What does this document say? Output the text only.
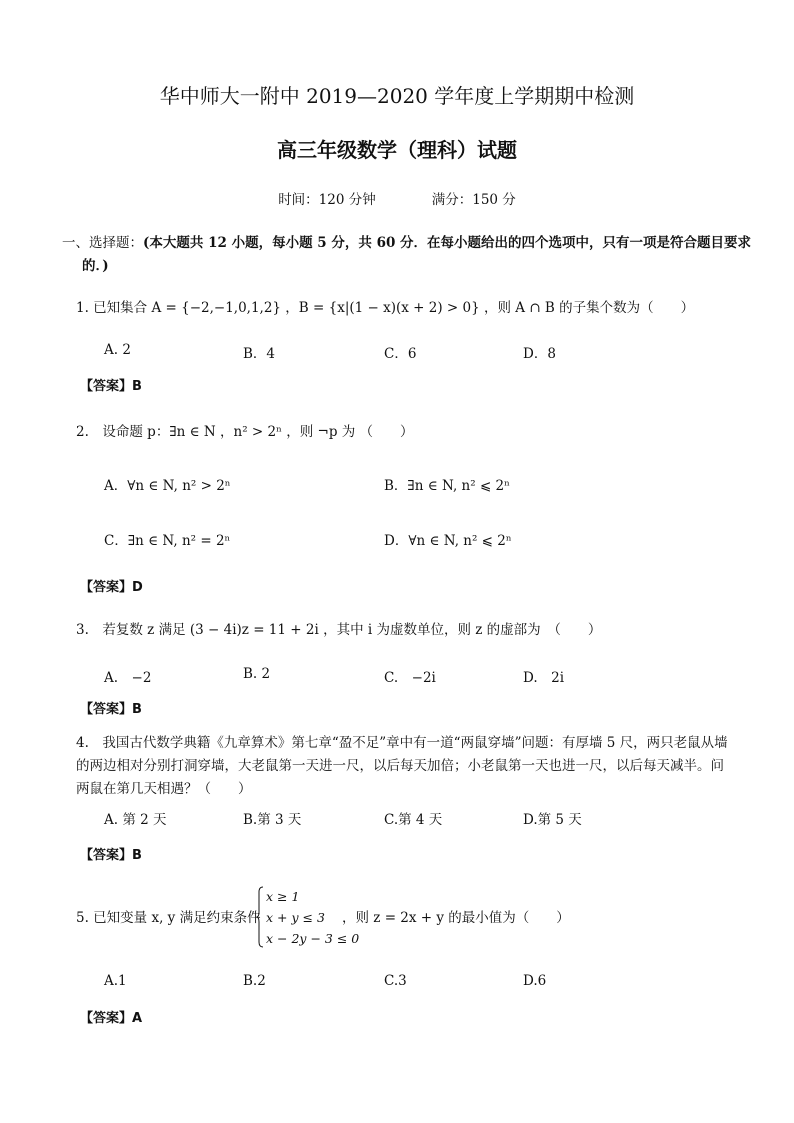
华中师大一附中 2019—2020 学年度上学期期中检测
高三年级数学（理科）试题
时间：120 分钟	满分：150 分
一、选择题：(本大题共 12 小题，每小题 5 分，共 60 分．在每小题给出的四个选项中，只有一项是符合题目要求的．)
1. 已知集合 A = {−2,−1,0,1,2} ，B = {x|(1 − x)(x + 2) > 0} ，则 A ∩ B 的子集个数为（　　）
A. 2	B．4	C．6	D．8
【答案】B
2.　设命题 p：∃n ∈ N ，n² > 2ⁿ ，则 ¬p 为 （　　）
A．∀n ∈ N, n² > 2ⁿ	B．∃n ∈ N, n² ⩽ 2ⁿ
C．∃n ∈ N, n² = 2ⁿ	D．∀n ∈ N, n² ⩽ 2ⁿ
【答案】D
3.　若复数 z 满足 (3 − 4i)z = 11 + 2i ，其中 i 为虚数单位，则 z 的虚部为　（　　）
A.　−2	B. 2	C.　−2i	D.　2i
【答案】B
4.　我国古代数学典籍《九章算术》第七章“盈不足”章中有一道“两鼠穿墙”问题：有厚墙 5 尺，两只老鼠从墙的两边相对分别打洞穿墙，大老鼠第一天进一尺，以后每天加倍；小老鼠第一天也进一尺，以后每天减半。问两鼠在第几天相遇？（　　）
A. 第 2 天	B.第 3 天	C.第 4 天	D.第 5 天
【答案】B
5. 已知变量 x, y 满足约束条件
x ≥ 1
x + y ≤ 3
x − 2y − 3 ≤ 0
，则 z = 2x + y 的最小值为（　　）
A.1	B.2	C.3	D.6
【答案】A
